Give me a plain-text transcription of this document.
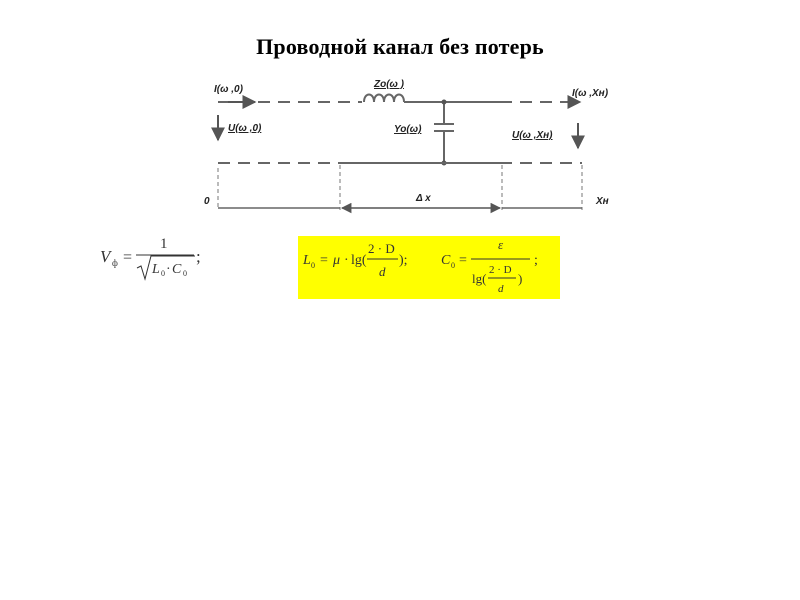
Проводной канал без потерь
I(ω ,0)	I(ω ,Xн)
Zo(ω )
Yo(ω)
U(ω ,0)
U(ω ,Xн)
0	Xн
Δ x
V ф =
1
L 0 · C 0
;	L 0 = μ · lg(
2 · D
d
); C 0 =
ε
lg(
2 · D
d
)
;
